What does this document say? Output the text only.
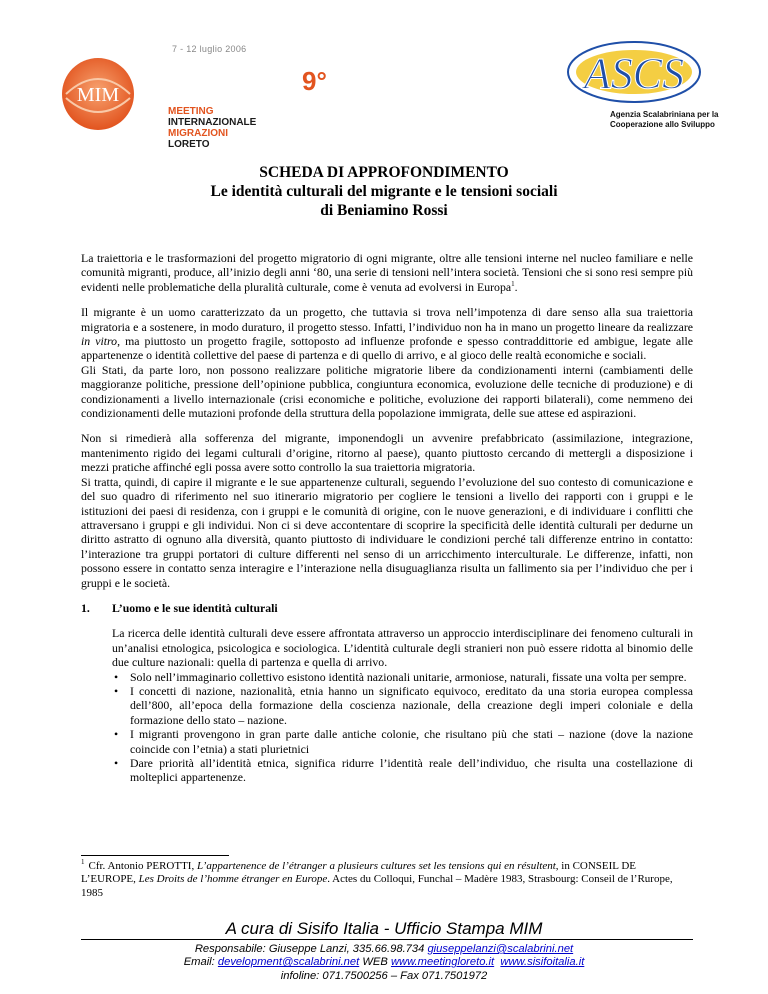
7 - 12 luglio 2006
MIM	9°
MEETING
INTERNAZIONALE
MIGRAZIONI
LORETO
ASCS
Agenzia Scalabriniana per la
Cooperazione allo Sviluppo
SCHEDA DI APPROFONDIMENTO
Le identità culturali del migrante e le tensioni sociali
di Beniamino Rossi

La traiettoria e le trasformazioni del progetto migratorio di ogni migrante, oltre alle tensioni interne nel nucleo familiare e nelle comunità migranti, produce, all’inizio degli anni ‘80, una serie di tensioni nell’intera società. Tensioni che si sono resi sempre più evidenti nelle problematiche della pluralità culturale, come è venuta ad evolversi in Europa$^1$.

Il migrante è un uomo caratterizzato da un progetto, che tuttavia si trova nell’impotenza di dare senso alla sua traiettoria migratoria e a sostenere, in modo duraturo, il progetto stesso. Infatti, l’individuo non ha in mano un progetto lineare da realizzare in vitro, ma piuttosto un progetto fragile, sottoposto ad influenze profonde e spesso contraddittorie ed ambigue, legate alle appartenenze o identità collettive del paese di partenza e di quello di arrivo, e al gioco delle realtà economiche e sociali.

Gli Stati, da parte loro, non possono realizzare politiche migratorie libere da condizionamenti interni (cambiamenti delle maggioranze politiche, pressione dell’opinione pubblica, congiuntura economica, evoluzione delle tecniche di produzione) e di condizionamenti a livello internazionale (crisi economiche e politiche, evoluzione dei rapporti bilaterali), come nemmeno dei condizionamenti delle mutazioni profonde della struttura della popolazione immigrata, delle sue attese ed aspirazioni.

Non si rimedierà alla sofferenza del migrante, imponendogli un avvenire prefabbricato (assimilazione, integrazione, mantenimento rigido dei legami culturali d’origine, ritorno al paese), quanto piuttosto cercando di mettergli a disposizione i mezzi pratiche affinché egli possa avere sotto controllo la sua traiettoria migratoria.

Si tratta, quindi, di capire il migrante e le sue appartenenze culturali, seguendo l’evoluzione del suo contesto di comunicazione e del suo quadro di riferimento nel suo itinerario migratorio per cogliere le tensioni a livello dei rapporti con i gruppi e le istituzioni dei paesi di residenza, con i gruppi e le comunità di origine, con le nuove generazioni, e di individuare i conflitti che attraversano i gruppi e gli individui. Non ci si deve accontentare di scoprire la specificità delle identità culturali per dedurne un diritto astratto di ognuno alla diversità, quanto piuttosto di individuare le condizioni perché tali differenze entrino in contatto: l’interazione tra gruppi portatori di culture differenti nel senso di un arricchimento interculturale. Le differenze, infatti, non possono essere in contatto senza interagire e l’interazione nella disuguaglianza risulta un fallimento sia per l’individuo che per i gruppi e le società.

1.	L’uomo e le sue identità culturali

La ricerca delle identità culturali deve essere affrontata attraverso un approccio interdisciplinare dei fenomeno culturali in un’analisi etnologica, psicologica e sociologica. L’identità culturale degli stranieri non può essere ridotta al binomio delle due culture nazionali: quella di partenza e quella di arrivo.

• Solo nell’immaginario collettivo esistono identità nazionali unitarie, armoniose, naturali, fissate una volta per sempre.
• I concetti di nazione, nazionalità, etnia hanno un significato equivoco, ereditato da una storia europea complessa dell’800, all’epoca della formazione della coscienza nazionale, della creazione degli imperi coloniale e della formazione dello stato – nazione.
• I migranti provengono in gran parte dalle antiche colonie, che risultano più che stati – nazione (dove la nazione coincide con l’etnia) a stati plurietnici
• Dare priorità all’identità etnica, significa ridurre l’identità reale dell’individuo, che risulta una costellazione di molteplici appartenenze.
$^1$ Cfr. Antonio PEROTTI, L’appartenence de l’étranger a plusieurs cultures set les tensions qui en résultent, in CONSEIL DE L’EUROPE, Les Droits de l’homme étranger en Europe. Actes du Colloqui, Funchal – Madère 1983, Strasbourg: Conseil de l’Rurope, 1985
A cura di Sisifo Italia - Ufficio Stampa MIM
Responsabile: Giuseppe Lanzi, 335.66.98.734 giuseppelanzi@scalabrini.net
Email: development@scalabrini.net WEB www.meetingloreto.it www.sisifoitalia.it
infoline: 071.7500256 – Fax 071.7501972
